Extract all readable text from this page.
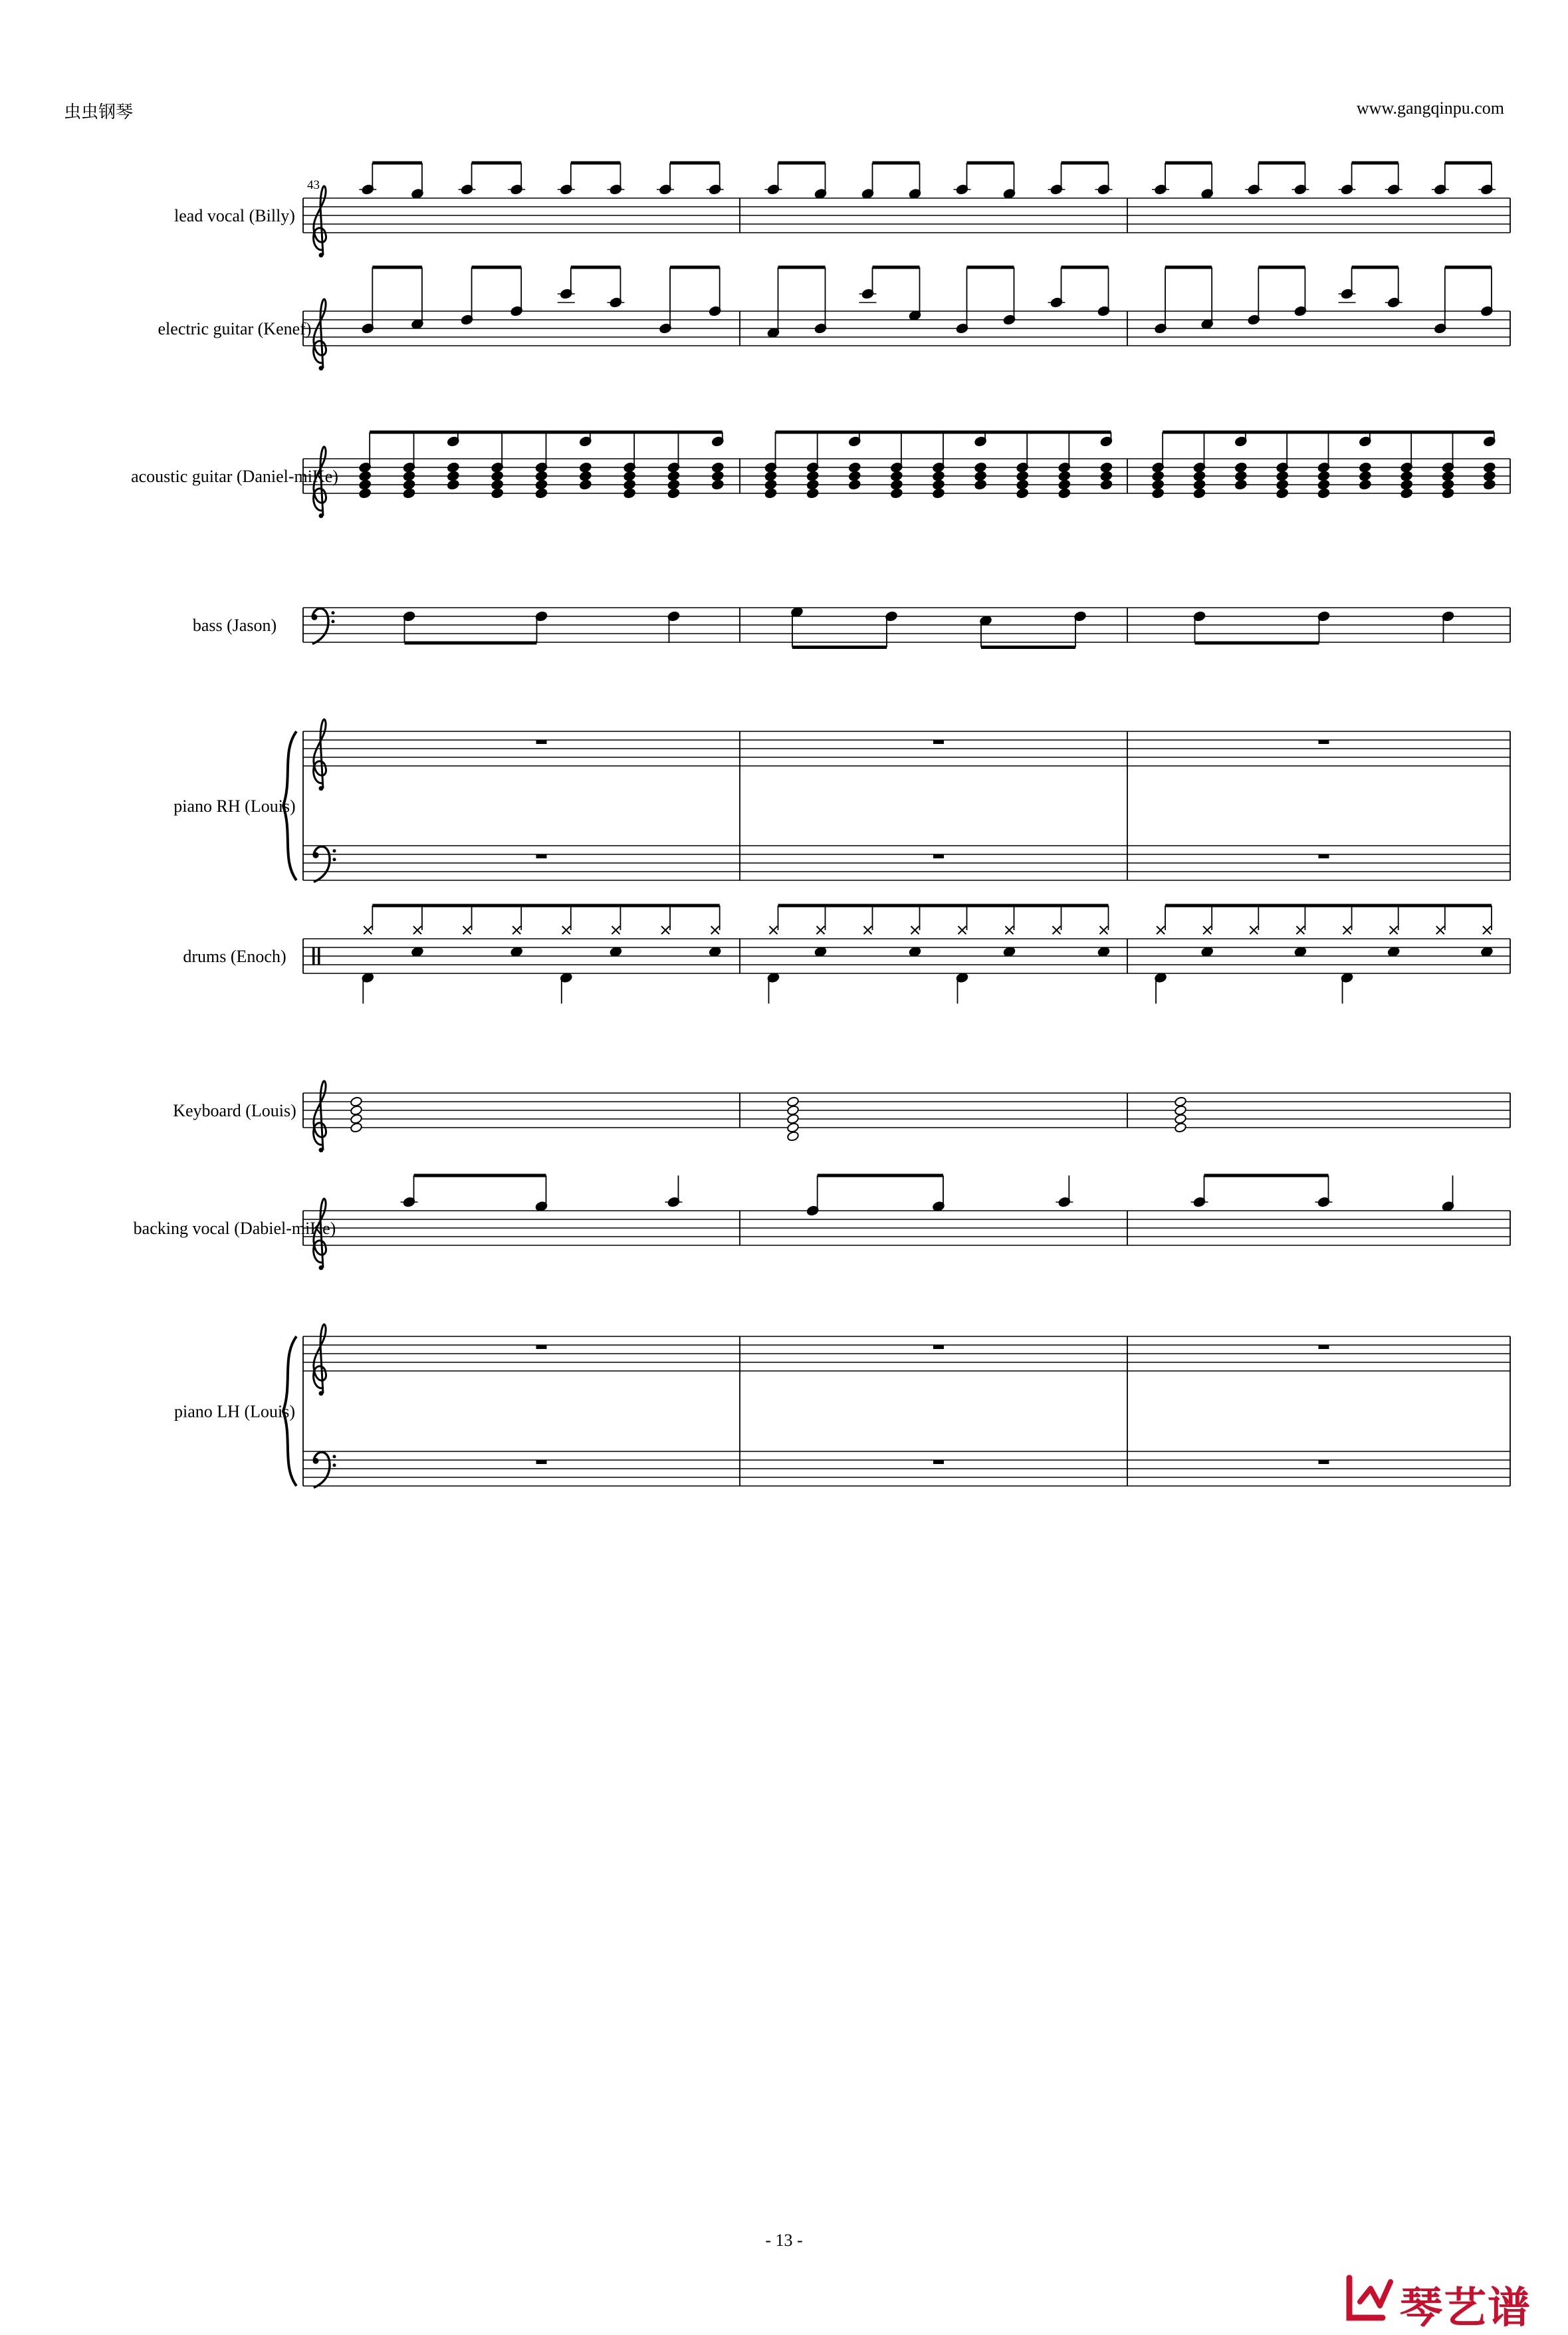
虫虫钢琴	www.gangqinpu.com
43
lead vocal (Billy)
electric guitar (Kenef)
acoustic guitar (Daniel-miKe)
bass (Jason)
piano RH (Louis)
drums (Enoch)
Keyboard (Louis)
backing vocal (Dabiel-miKe)
piano LH (Louis)
- 13 -
琴艺谱
